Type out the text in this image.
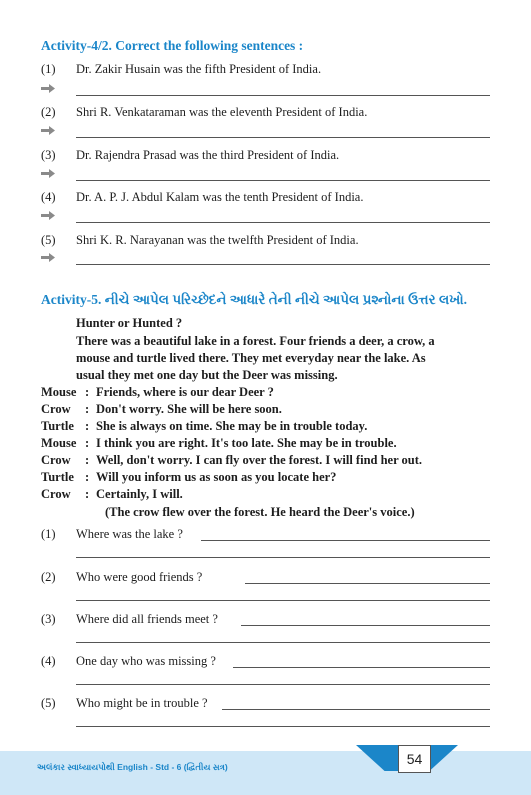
Activity-4/2. Correct the following sentences :
(1) Dr. Zakir Husain was the fifth President of India.
(2) Shri R. Venkataraman was the eleventh President of India.
(3) Dr. Rajendra Prasad was the third President of India.
(4) Dr. A. P. J. Abdul Kalam was the tenth President of India.
(5) Shri K. R. Narayanan was the twelfth President of India.
Activity-5. નીચે આપેલ પરિચ્છેદને આધારે તેની નીચે આપેલ પ્રશ્નોના ઉત્તર લખો.
Hunter or Hunted ?
There was a beautiful lake in a forest. Four friends a deer, a crow, a
mouse and turtle lived there. They met everyday near the lake. As
usual they met one day but the Deer was missing.
Mouse : Friends, where is our dear Deer ?
Crow : Don't worry. She will be here soon.
Turtle : She is always on time. She may be in trouble today.
Mouse : I think you are right. It's too late. She may be in trouble.
Crow : Well, don't worry. I can fly over the forest. I will find her out.
Turtle : Will you inform us as soon as you locate her?
Crow : Certainly, I will.
(The crow flew over the forest. He heard the Deer's voice.)
(1) Where was the lake ?
(2) Who were good friends ?
(3) Where did all friends meet ?
(4) One day who was missing ?
(5) Who might be in trouble ?
અલંકાર સ્વાધ્યાયપોથી English - Std - 6 (દ્વિતીય સત્ર)	54
